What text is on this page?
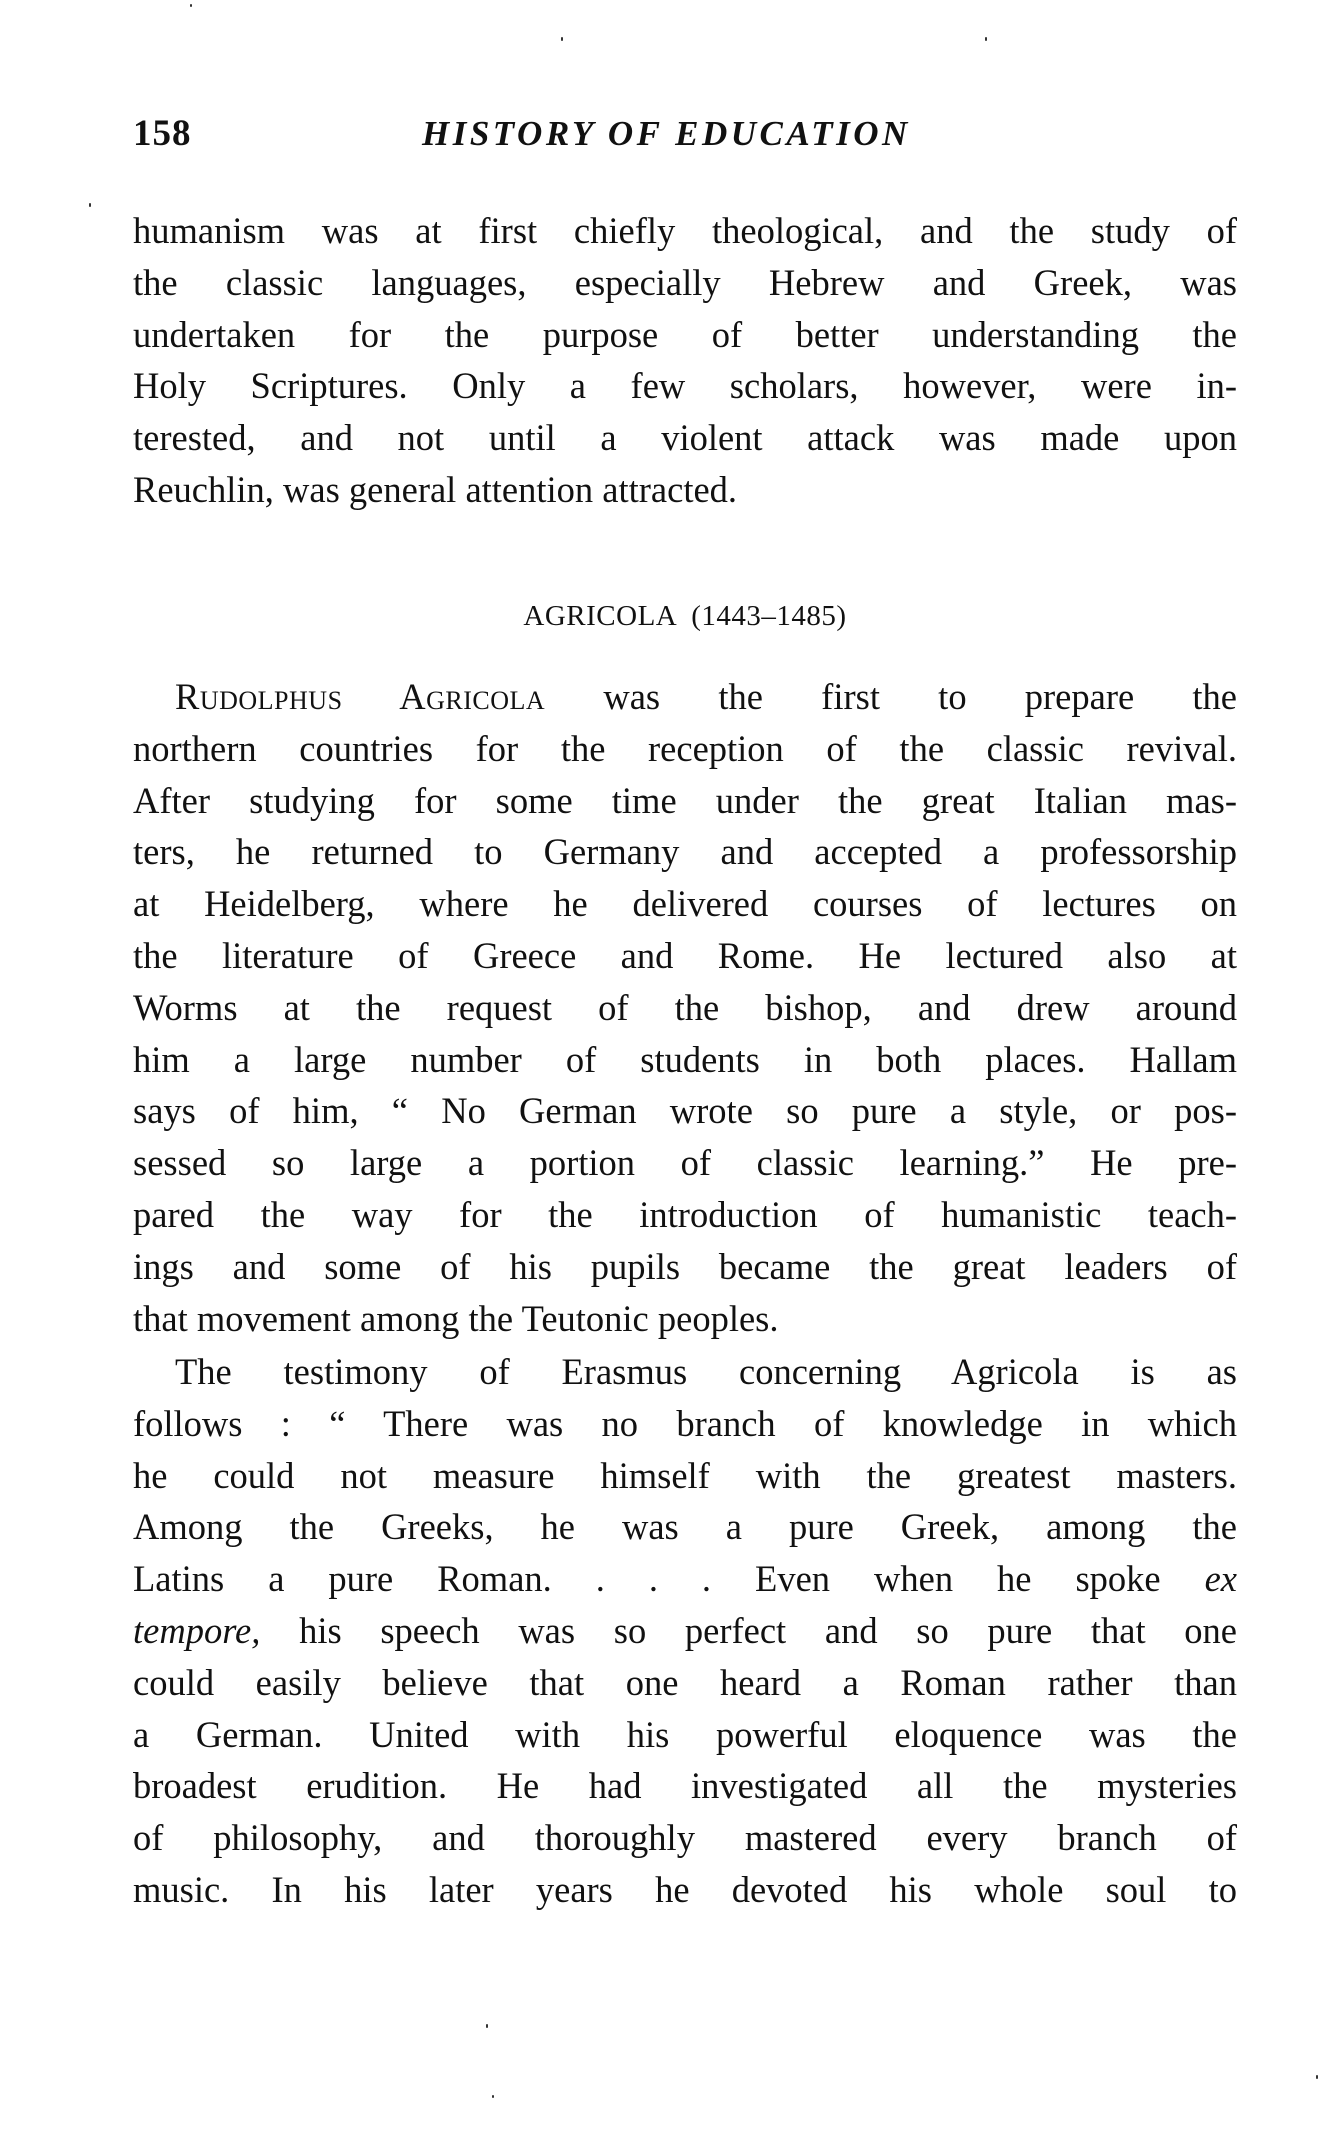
158	HISTORY OF EDUCATION
humanism was at first chiefly theological, and the study of
the classic languages, especially Hebrew and Greek, was
undertaken for the purpose of better understanding the
Holy Scriptures. Only a few scholars, however, were in-
terested, and not until a violent attack was made upon
Reuchlin, was general attention attracted.
AGRICOLA (1443–1485)
Rudolphus Agricola was the first to prepare the
northern countries for the reception of the classic revival.
After studying for some time under the great Italian mas-
ters, he returned to Germany and accepted a professorship
at Heidelberg, where he delivered courses of lectures on
the literature of Greece and Rome. He lectured also at
Worms at the request of the bishop, and drew around
him a large number of students in both places. Hallam
says of him, “ No German wrote so pure a style, or pos-
sessed so large a portion of classic learning.” He pre-
pared the way for the introduction of humanistic teach-
ings and some of his pupils became the great leaders of
that movement among the Teutonic peoples.
The testimony of Erasmus concerning Agricola is as
follows : “ There was no branch of knowledge in which
he could not measure himself with the greatest masters.
Among the Greeks, he was a pure Greek, among the
Latins a pure Roman. . . . Even when he spoke ex
tempore, his speech was so perfect and so pure that one
could easily believe that one heard a Roman rather than
a German. United with his powerful eloquence was the
broadest erudition. He had investigated all the mysteries
of philosophy, and thoroughly mastered every branch of
music. In his later years he devoted his whole soul to
